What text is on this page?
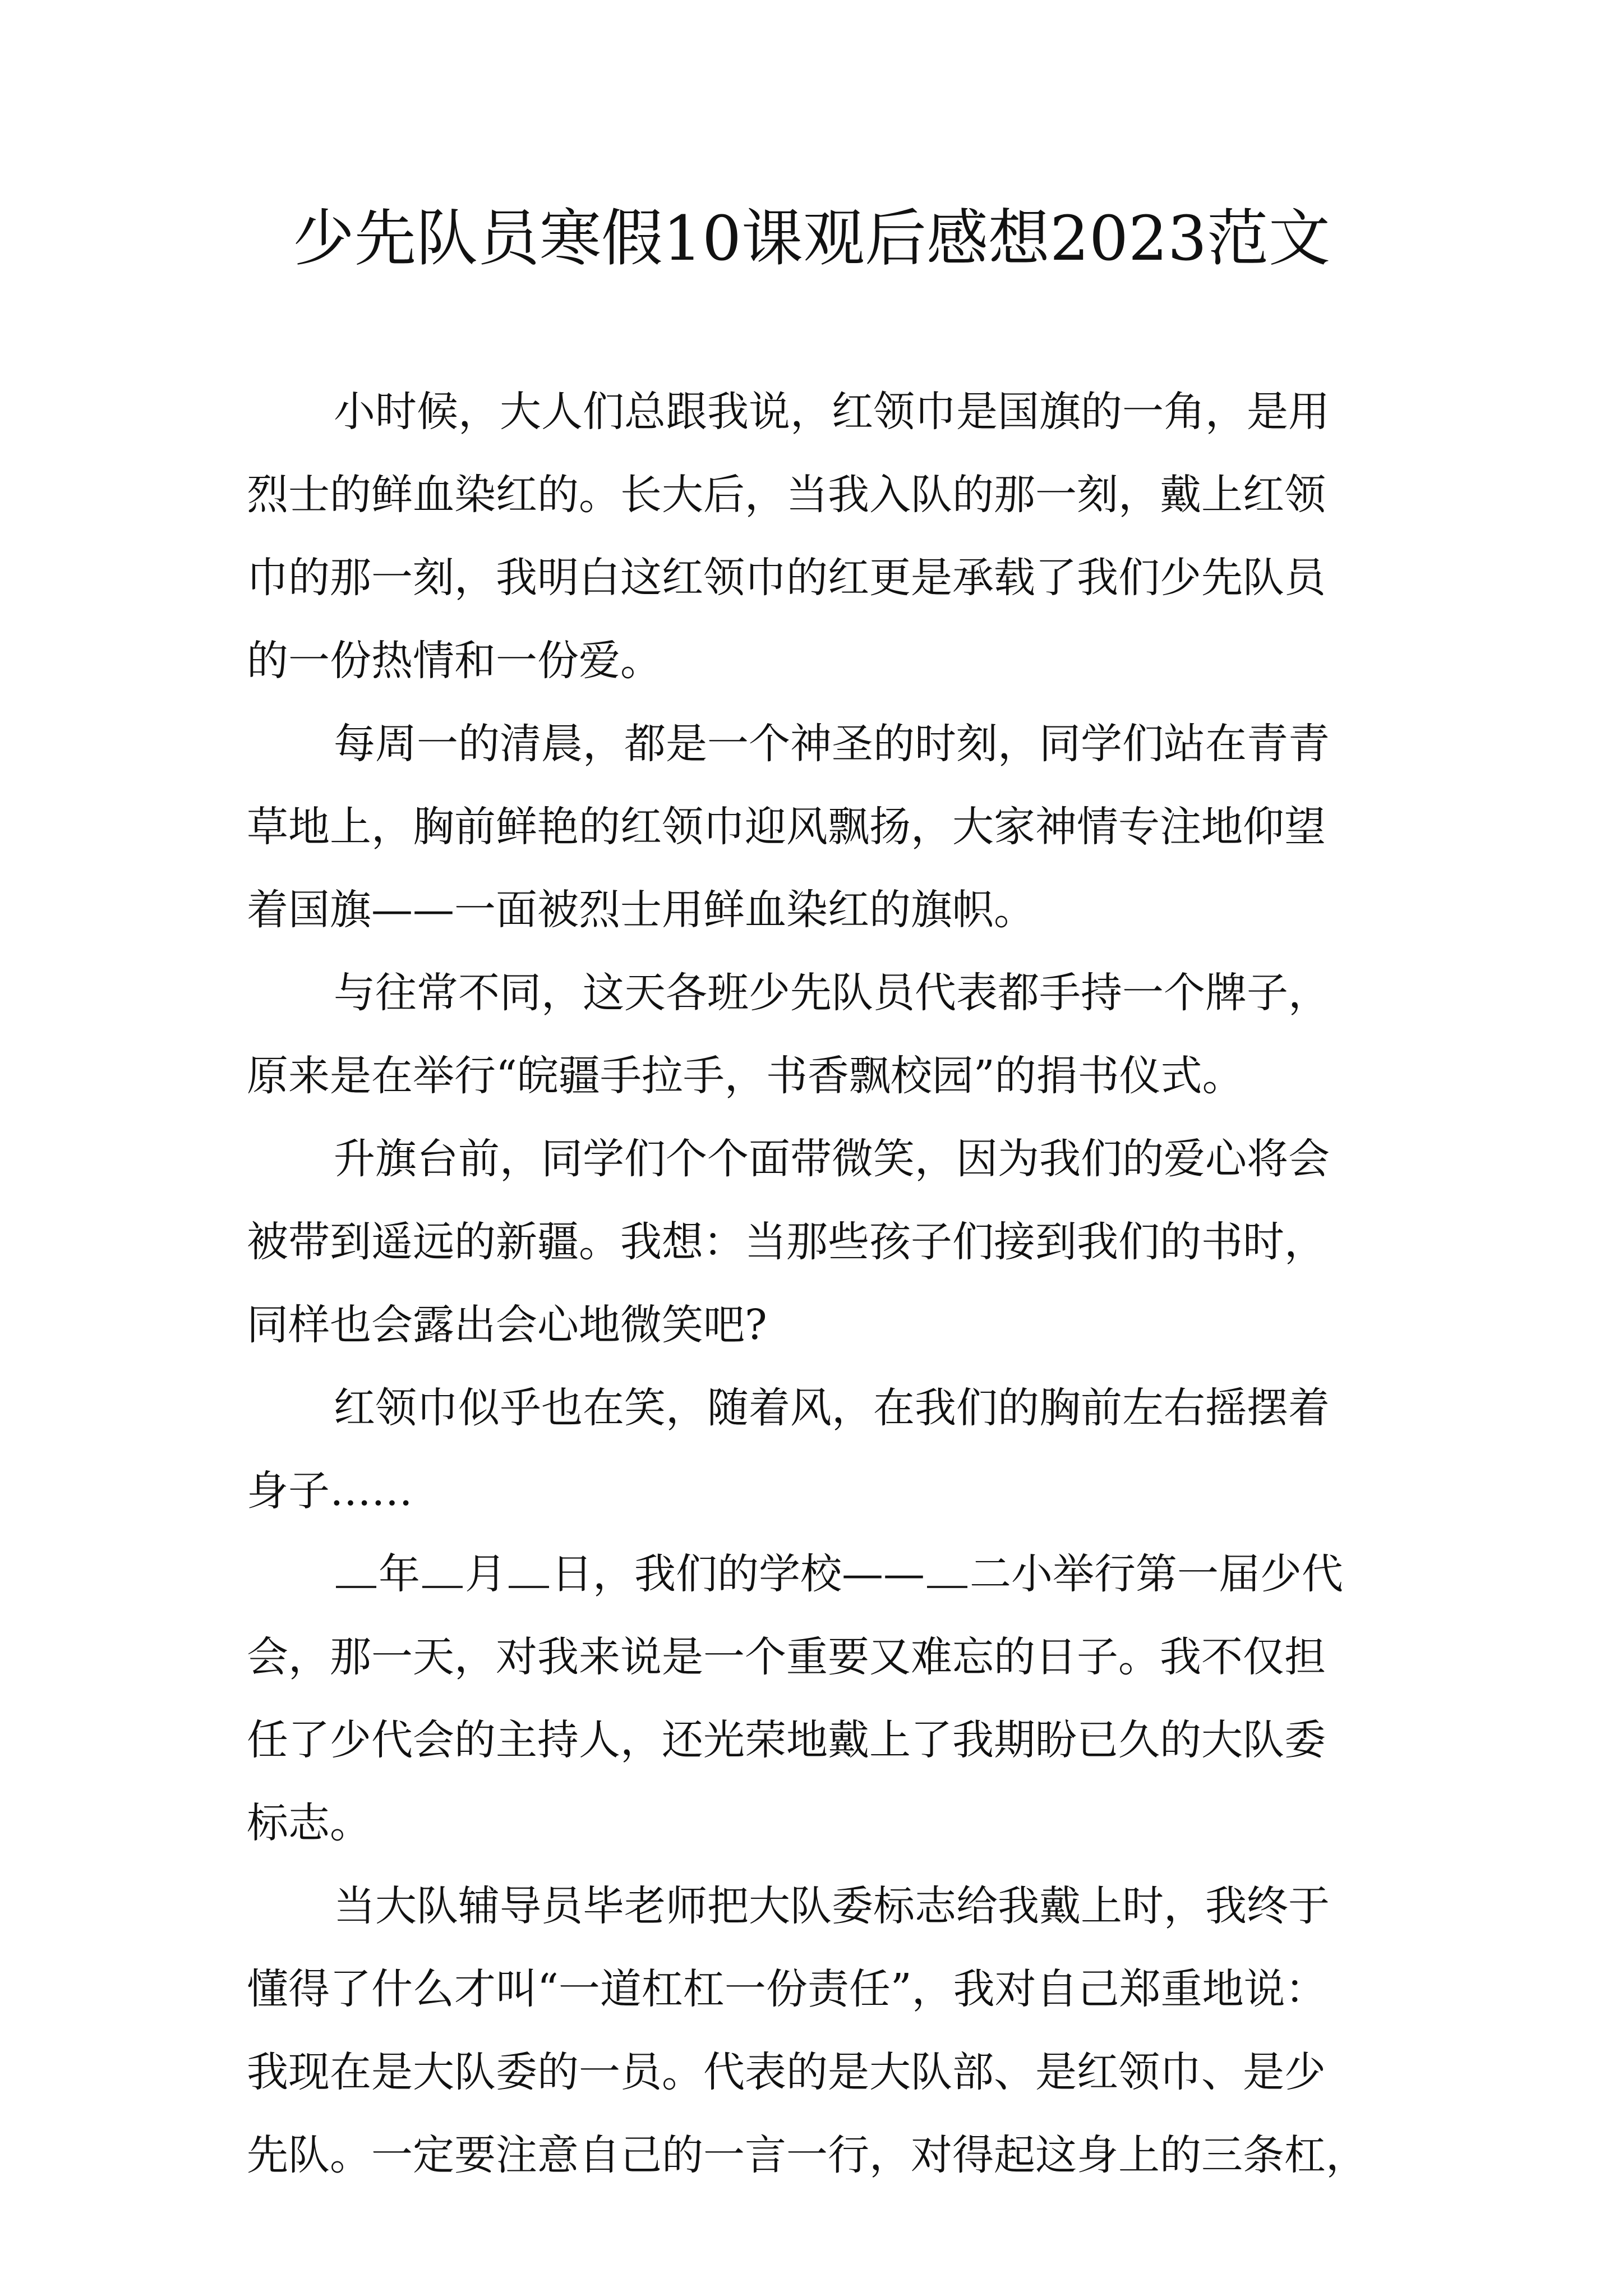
少先队员寒假10课观后感想2023范文
小时候，大人们总跟我说，红领巾是国旗的一角，是用
烈士的鲜血染红的。长大后，当我入队的那一刻，戴上红领
巾的那一刻，我明白这红领巾的红更是承载了我们少先队员
的一份热情和一份爱。
每周一的清晨，都是一个神圣的时刻，同学们站在青青
草地上，胸前鲜艳的红领巾迎风飘扬，大家神情专注地仰望
着国旗——一面被烈士用鲜血染红的旗帜。
与往常不同，这天各班少先队员代表都手持一个牌子，
原来是在举行“皖疆手拉手，书香飘校园”的捐书仪式。
升旗台前，同学们个个面带微笑，因为我们的爱心将会
被带到遥远的新疆。我想：当那些孩子们接到我们的书时，
同样也会露出会心地微笑吧?
红领巾似乎也在笑，随着风，在我们的胸前左右摇摆着
身子……
年 月 日，我们的学校—— 二小举行第一届少代
会，那一天，对我来说是一个重要又难忘的日子。我不仅担
任了少代会的主持人，还光荣地戴上了我期盼已久的大队委
标志。
当大队辅导员毕老师把大队委标志给我戴上时，我终于
懂得了什么才叫“一道杠杠一份责任”，我对自己郑重地说：
我现在是大队委的一员。代表的是大队部、是红领巾、是少
先队。一定要注意自己的一言一行，对得起这身上的三条杠，
